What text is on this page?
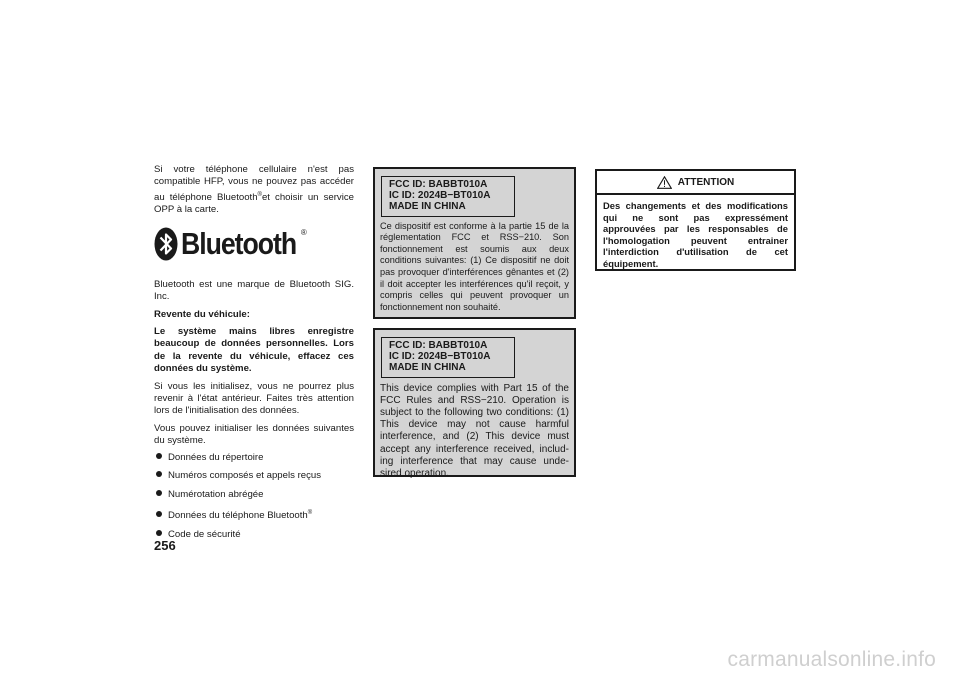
Si votre téléphone cellulaire n'est pas compatible HFP, vous ne pouvez pas accéder au téléphone Bluetooth®et choisir un service OPP à la carte.

Bluetooth ®

Bluetooth est une marque de Bluetooth SIG. Inc.

Revente du véhicule:

Le système mains libres enregistre beaucoup de données personnelles. Lors de la revente du véhicule, effacez ces données du système.

Si vous les initialisez, vous ne pourrez plus revenir à l'état antérieur. Faites très attention lors de l'initialisation des données.

Vous pouvez initialiser les données suivantes du système.

Données du répertoire
Numéros composés et appels reçus
Numérotation abrégée
Données du téléphone Bluetooth®
Code de sécurité
FCC ID: BABBT010A
IC ID: 2024B−BT010A
MADE IN CHINA
Ce dispositif est conforme à la partie 15 de la réglementation FCC et RSS−210. Son fonctionnement est soumis aux deux conditions suivantes: (1) Ce dispositif ne doit pas provoquer d'interférences gênantes et (2) il doit accepter les interférences qu'il reçoit, y compris celles qui peuvent provoquer un fonctionnement non souhaité.
FCC ID: BABBT010A
IC ID: 2024B−BT010A
MADE IN CHINA
This device complies with Part 15 of the FCC Rules and RSS−210. Operation is subject to the following two conditions: (1) This device may not cause harmful interference, and (2) This device must accept any interference received, includ-ing interference that may cause unde-sired operation.
ATTENTION
Des changements et des modifications qui ne sont pas expressément approuvées par les responsables de l'homologation peuvent entrainer l'interdiction d'utilisation de cet équipement.
256
carmanualsonline.info
